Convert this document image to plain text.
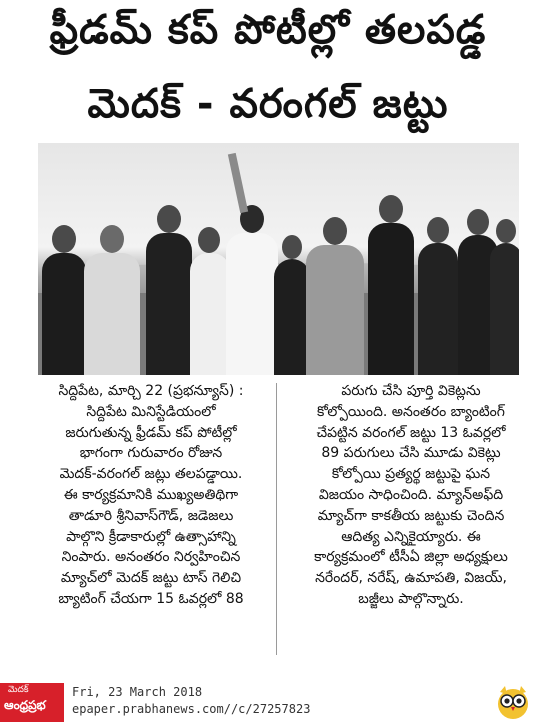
ఫ్రీడమ్ కప్ పోటీల్లో తలపడ్డ
మెదక్ - వరంగల్ జట్టు

సిద్దిపేట, మార్చి 22 (ప్రభన్యూస్) :

సిద్దిపేట మినిస్టేడియంలో

జరుగుతున్న ఫ్రీడమ్ కప్ పోటీల్లో

భాగంగా గురువారం రోజున

మెదక్-వరంగల్ జట్లు తలపడ్డాయి.

ఈ కార్యక్రమానికి ముఖ్యఅతిథిగా

తాడూరి శ్రీనివాస్‌గౌడ్, జడెజలు

పాల్గొని క్రీడాకారుల్లో ఉత్సాహాన్ని

నింపారు. అనంతరం నిర్వహించిన

మ్యాచ్‌లో మెదక్ జట్టు టాస్ గెలిచి

బ్యాటింగ్ చేయగా 15 ఓవర్లలో 88

పరుగు చేసి పూర్తి వికెట్లను

కోల్పోయింది. అనంతరం బ్యాంటింగ్

చేపట్టిన వరంగల్ జట్టు 13 ఓవర్లలో

89 పరుగులు చేసి మూడు వికెట్లు

కోల్పోయి ప్రత్యర్థ జట్టుపై ఘన

విజయం సాధించింది. మ్యాన్‌అఫ్‌ది

మ్యాచ్‌గా కాకతీయ జట్టుకు చెందిన

ఆదిత్య ఎన్నికైయ్యారు. ఈ

కార్యక్రమంలో టీసీఏ జిల్లా అధ్యక్షులు

నరేందర్, నరేష్, ఉమాపతి, విజయ్,

బజ్జీలు పాల్గొన్నారు.

మెదక్
ఆంధ్రప్రభ
Fri, 23 March 2018
epaper.prabhanews.com//c/27257823
